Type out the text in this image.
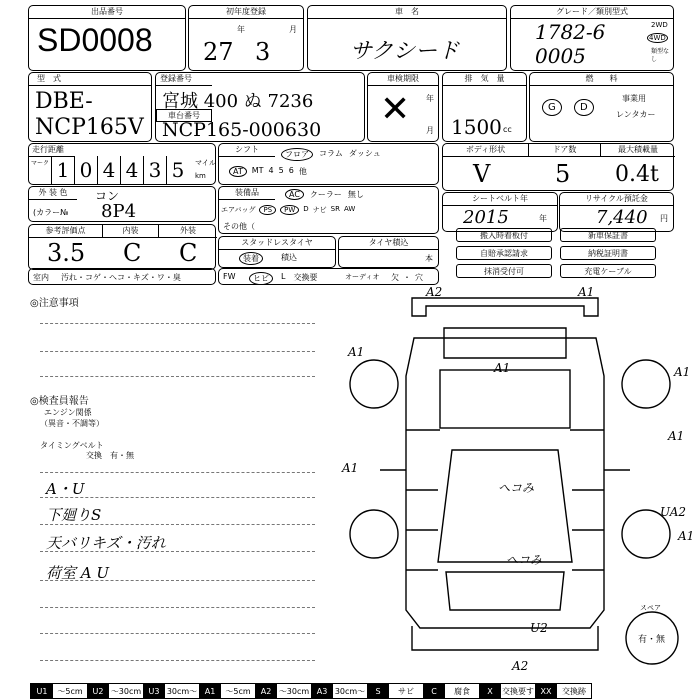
出品番号
SD0008
初年度登録
年	月
27 3
車　名
サクシード
グレード／類別型式
1782-6
0005
2WD
4WD
類型なし
型　式
DBE-
NCP165V
登録番号
宮城 400 ぬ 7236
車台番号
NCP165-000630
車検期限
✕ 年
月
排　気　量
1500 cc
燃　　料
G	D
事業用
レンタカー
走行距離
マーク	マイル
km
1 0 4 4 3 5
シフト
フロア	コラム ダッシュ
AT	MT 4 5 6 他
ボディ形状	ドア数	最大積載量
V	5 0.4t
外 装 色	コン
(カラー№ 8P4
装備品	AC	クーラー 無し
エアバッグ	PS	PW	D ナビ SR AW
その他（
シートベルト年
2015	年
リサイクル預託金
7,440 円
参考評価点	内装	外装
3.5 C C
室内 汚れ・コゲ・ヘコ・キズ・ワ・臭
スタッドレスタイヤ
装着	積込
タイヤ積込
本
FW	ヒビ	L 交換要	オーディオ 欠 ・ 穴
搬入時着板付	新車保証書
自賠承認請求	納税証明書
抹消受付可	充電ケーブル
◎注意事項
◎検査員報告
エンジン関係
（異音・不調等）
タイミングベルト
交換　有・無
A・U
下廻りS
天バリキズ・汚れ
荷室 A U
A2	A1
A1
A1
A1
A1
UA2
U2
A2
へコみ
へコみ
A1
A1
スペア
有・無
U1	〜5cm	U2 〜30cm U3 30cm〜 A1	〜5cm	A2 〜30cm A3 30cm〜	S	サビ	C	腐食	X	交換要す XX	交換跡
